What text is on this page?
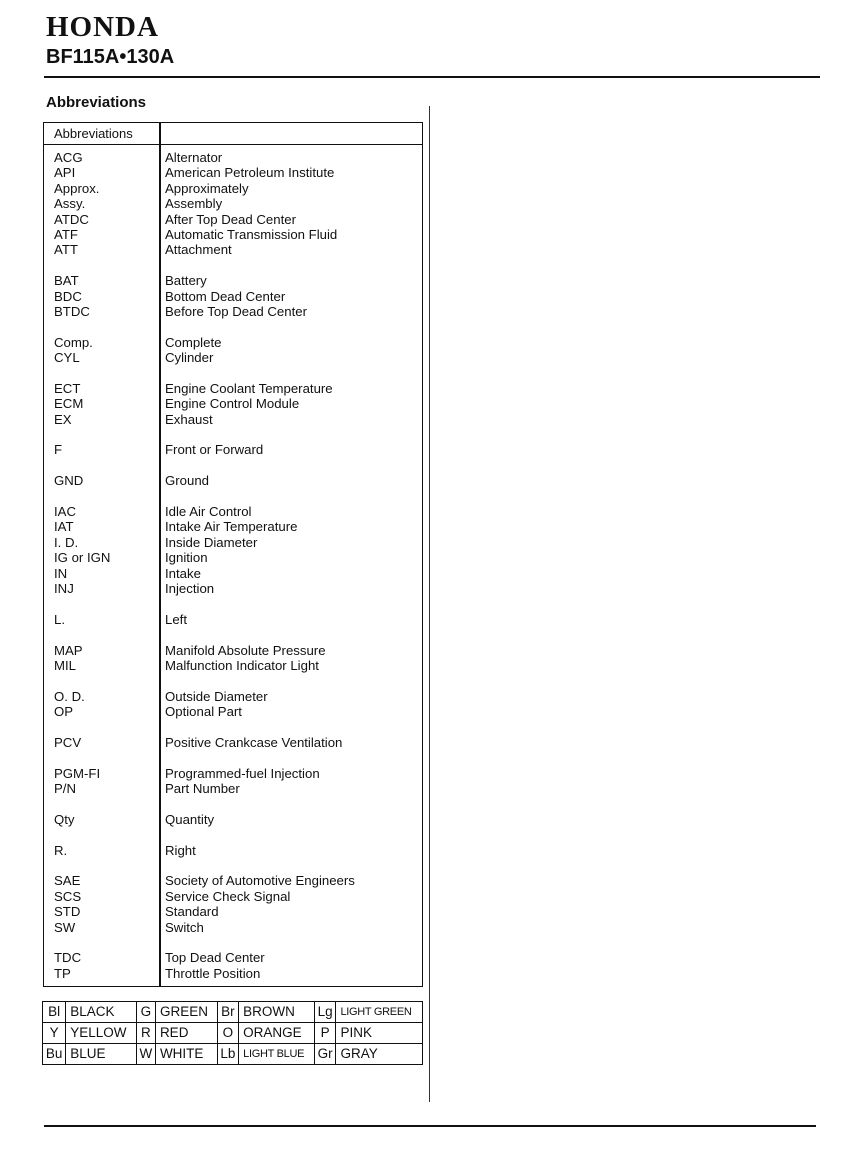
HONDA
BF115A•130A
Abbreviations
Abbreviations
ACG	Alternator
API	American Petroleum Institute
Approx.	Approximately
Assy.	Assembly
ATDC	After Top Dead Center
ATF	Automatic Transmission Fluid
ATT	Attachment
BAT	Battery
BDC	Bottom Dead Center
BTDC	Before Top Dead Center
Comp.	Complete
CYL	Cylinder
ECT	Engine Coolant Temperature
ECM	Engine Control Module
EX	Exhaust
F	Front or Forward
GND	Ground
IAC	Idle Air Control
IAT	Intake Air Temperature
I. D.	Inside Diameter
IG or IGN	Ignition
IN	Intake
INJ	Injection
L.	Left
MAP	Manifold Absolute Pressure
MIL	Malfunction Indicator Light
O. D.	Outside Diameter
OP	Optional Part
PCV	Positive Crankcase Ventilation
PGM-FI	Programmed-fuel Injection
P/N	Part Number
Qty	Quantity
R.	Right
SAE	Society of Automotive Engineers
SCS	Service Check Signal
STD	Standard
SW	Switch
TDC	Top Dead Center
TP	Throttle Position
Bl	BLACK	G	GREEN	Br	BROWN	Lg	LIGHT GREEN
Y	YELLOW	R	RED	O	ORANGE	P	PINK
Bu	BLUE	W	WHITE	Lb	LIGHT BLUE	Gr	GRAY
